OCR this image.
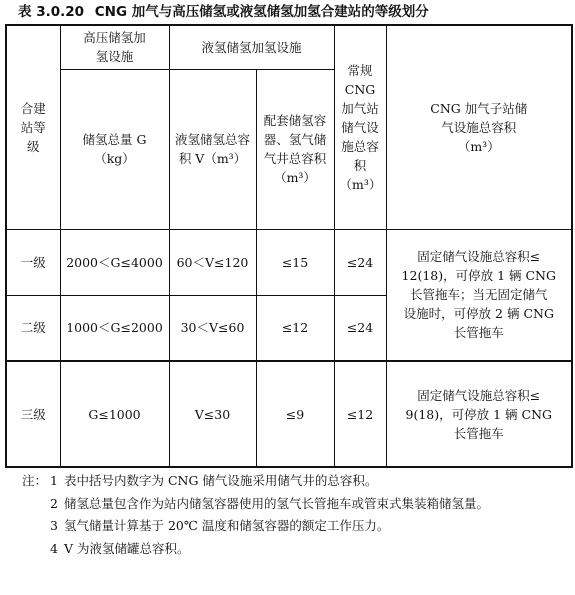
表 3.0.20 CNG 加气与高压储氢或液氢储氢加氢合建站的等级划分
合建站等级	高压储氢加氢设施	液氢储氢加氢设施		常规CNG加气站储气设施总容积（m³）	CNG 加气子站储气设施总容积（m³）
	储氢总量 G（kg）	液氢储氢总容积 V（m³）	配套储氢容器、氢气储气井总容积（m³）		

一级	2000＜G≤4000	60＜V≤120	≤15	≤24	固定储气设施总容积≤
12(18)，可停放 1 辆 CNG
长管拖车；当无固定储气
设施时，可停放 2 辆 CNG
长管拖车

二级	1000＜G≤2000	30＜V≤60	≤12	≤24	
三级	G≤1000	V≤30	≤9	≤12	固定储气设施总容积≤
9(18)，可停放 1 辆 CNG
长管拖车
注： 1 表中括号内数字为 CNG 储气设施采用储气井的总容积。
2 储氢总量包含作为站内储氢容器使用的氢气长管拖车或管束式集装箱储氢量。
3 氢气储量计算基于 20℃ 温度和储氢容器的额定工作压力。
4 V 为液氢储罐总容积。
